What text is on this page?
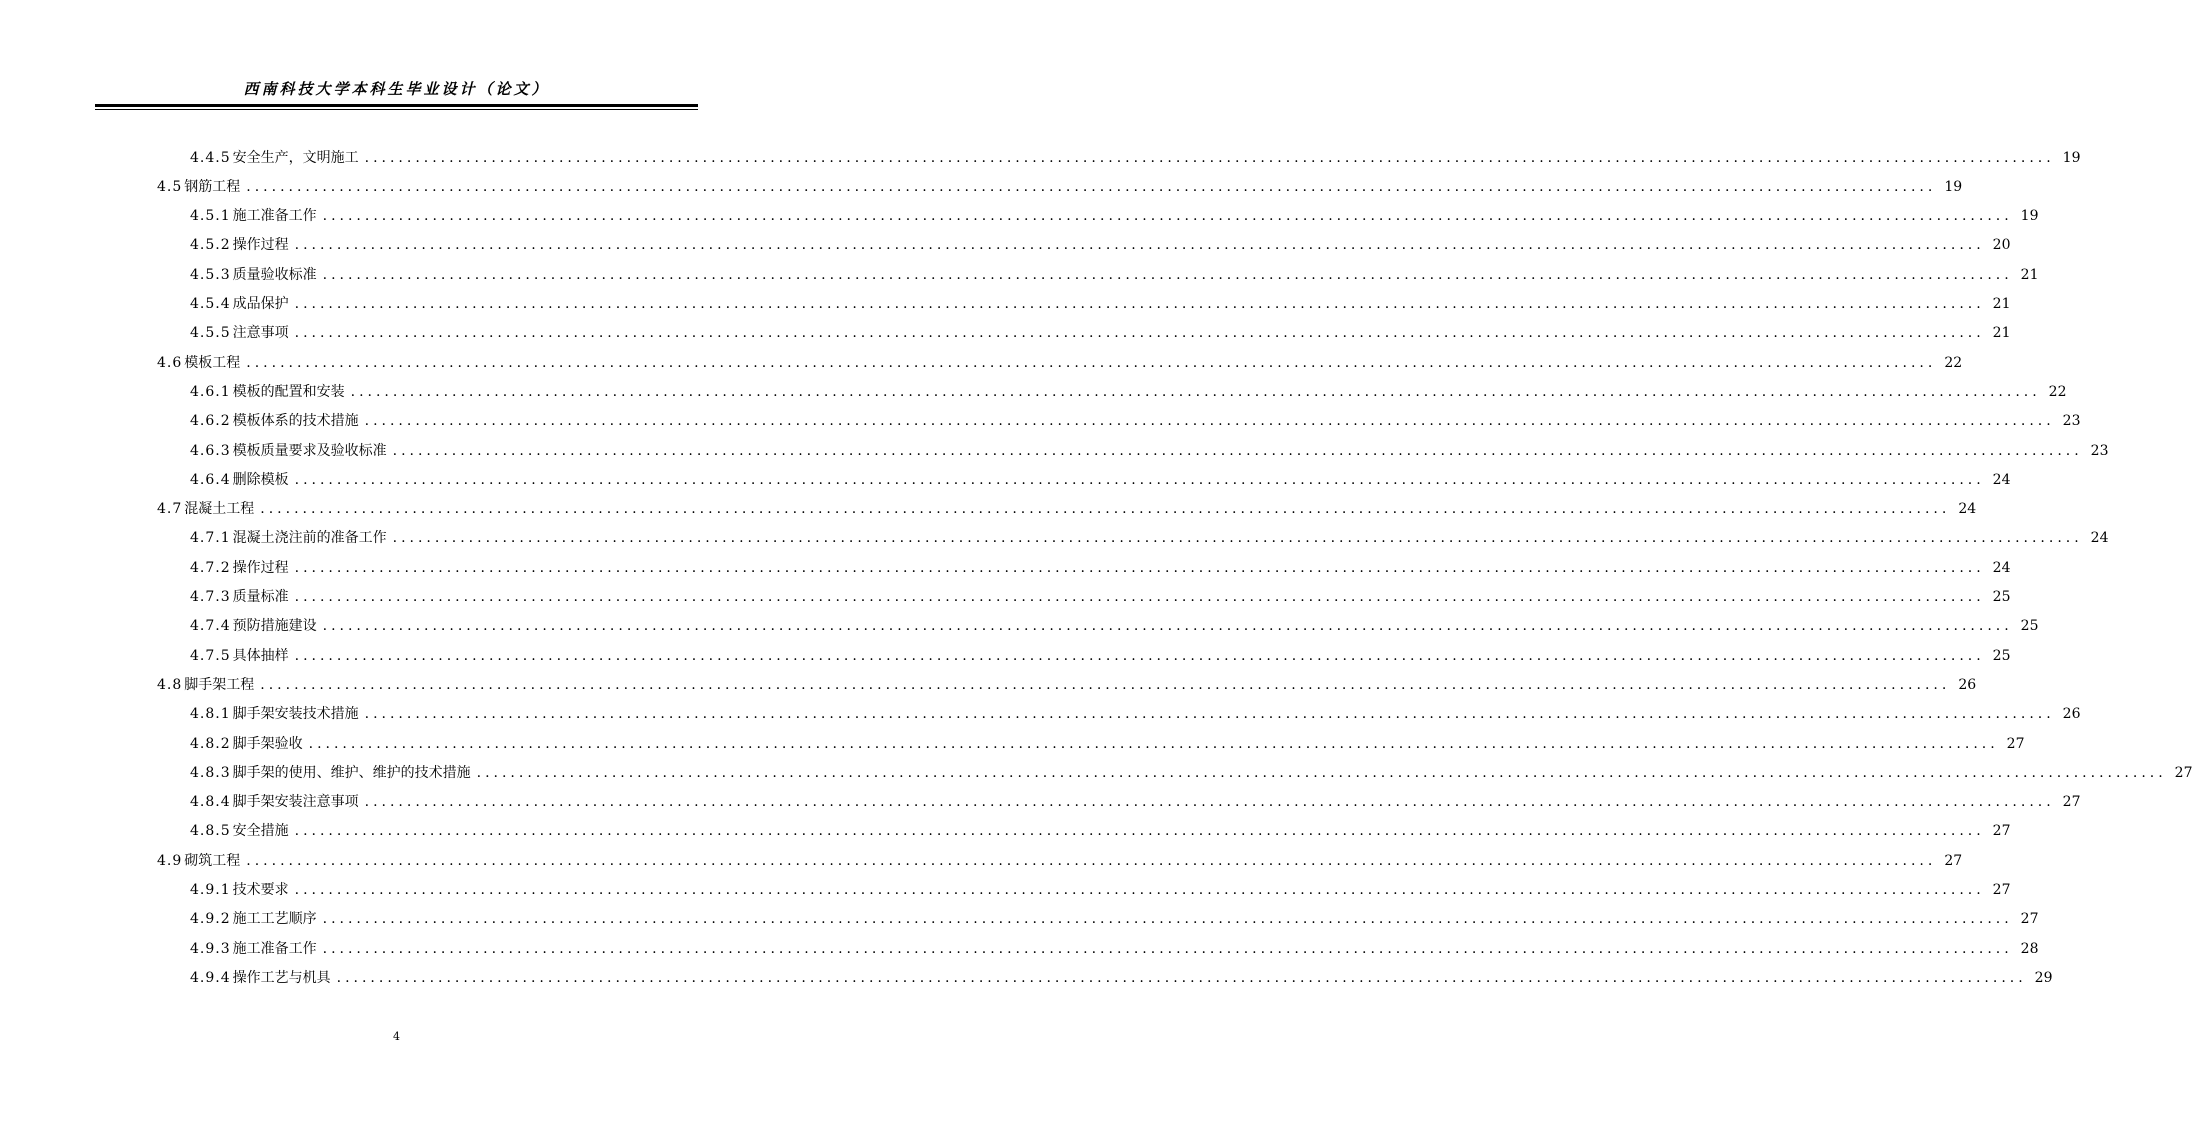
西南科技大学本科生毕业设计（论文）
4.4.5 安全生产，文明施工 ........................................................................................................................................................................................................ 19
4.5 钢筋工程 ........................................................................................................................................................................................................ 19
4.5.1 施工准备工作 ........................................................................................................................................................................................................ 19
4.5.2 操作过程 ........................................................................................................................................................................................................ 20
4.5.3 质量验收标准 ........................................................................................................................................................................................................ 21
4.5.4 成品保护 ........................................................................................................................................................................................................ 21
4.5.5 注意事项 ........................................................................................................................................................................................................ 21
4.6 模板工程 ........................................................................................................................................................................................................ 22
4.6.1 模板的配置和安装 ........................................................................................................................................................................................................ 22
4.6.2 模板体系的技术措施 ........................................................................................................................................................................................................ 23
4.6.3 模板质量要求及验收标准 ........................................................................................................................................................................................................ 23
4.6.4 删除模板 ........................................................................................................................................................................................................ 24
4.7 混凝土工程 ........................................................................................................................................................................................................ 24
4.7.1 混凝土浇注前的准备工作 ........................................................................................................................................................................................................ 24
4.7.2 操作过程 ........................................................................................................................................................................................................ 24
4.7.3 质量标准 ........................................................................................................................................................................................................ 25
4.7.4 预防措施建设 ........................................................................................................................................................................................................ 25
4.7.5 具体抽样 ........................................................................................................................................................................................................ 25
4.8 脚手架工程 ........................................................................................................................................................................................................ 26
4.8.1 脚手架安装技术措施 ........................................................................................................................................................................................................ 26
4.8.2 脚手架验收 ........................................................................................................................................................................................................ 27
4.8.3 脚手架的使用、维护、维护的技术措施 ........................................................................................................................................................................................................ 27
4.8.4 脚手架安装注意事项 ........................................................................................................................................................................................................ 27
4.8.5 安全措施 ........................................................................................................................................................................................................ 27
4.9 砌筑工程 ........................................................................................................................................................................................................ 27
4.9.1 技术要求 ........................................................................................................................................................................................................ 27
4.9.2 施工工艺顺序 ........................................................................................................................................................................................................ 27
4.9.3 施工准备工作 ........................................................................................................................................................................................................ 28
4.9.4 操作工艺与机具 ........................................................................................................................................................................................................ 29
4
